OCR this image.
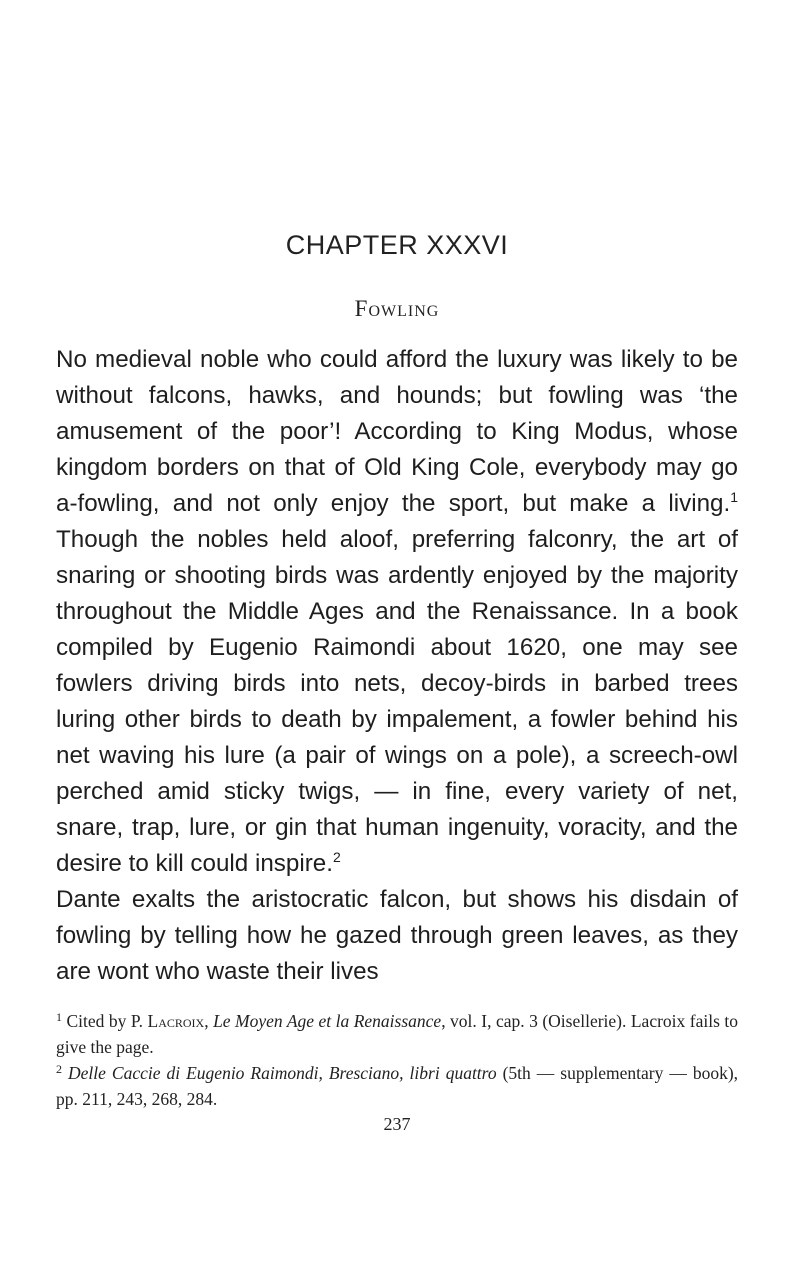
CHAPTER XXXVI
Fowling

No medieval noble who could afford the luxury was likely to be without falcons, hawks, and hounds; but fowling was ‘the amusement of the poor’! According to King Modus, whose kingdom borders on that of Old King Cole, everybody may go a-fowling, and not only enjoy the sport, but make a living.$^1$ Though the nobles held aloof, preferring falconry, the art of snaring or shooting birds was ardently enjoyed by the majority throughout the Middle Ages and the Renaissance. In a book compiled by Eugenio Raimondi about 1620, one may see fowlers driving birds into nets, decoy-birds in barbed trees luring other birds to death by impalement, a fowler behind his net waving his lure (a pair of wings on a pole), a screech-owl perched amid sticky twigs, — in fine, every variety of net, snare, trap, lure, or gin that human ingenuity, voracity, and the desire to kill could inspire.$^2$

Dante exalts the aristocratic falcon, but shows his disdain of fowling by telling how he gazed through green leaves, as they are wont who waste their lives

$^1$ Cited by P. Lacroix, Le Moyen Age et la Renaissance, vol. I, cap. 3 (Oisellerie). Lacroix fails to give the page.

$^2$ Delle Caccie di Eugenio Raimondi, Bresciano, libri quattro (5th — supplementary — book), pp. 211, 243, 268, 284.

237
